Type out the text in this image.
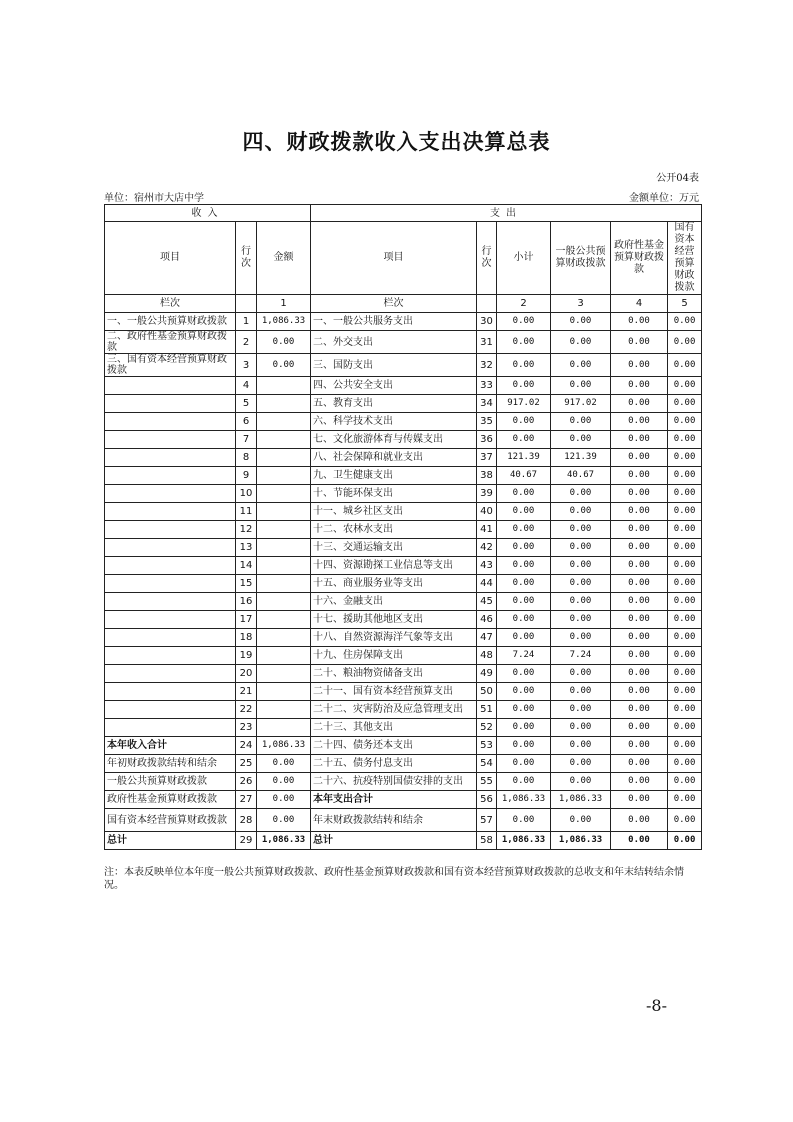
四、财政拨款收入支出决算总表
公开04表
单位：宿州市大店中学	金额单位：万元
收入			支出					
项目	行次	金额	项目	行次	小计	一般公共预算财政拨款	政府性基金预算财政拨款	国有资本经营预算财政拨款
栏次		1	栏次		2	3	4	5
一、一般公共预算财政拨款	1	1,086.33	一、一般公共服务支出	30	0.00	0.00	0.00	0.00
二、政府性基金预算财政拨款	2	0.00	二、外交支出	31	0.00	0.00	0.00	0.00
三、国有资本经营预算财政拨款	3	0.00	三、国防支出	32	0.00	0.00	0.00	0.00
	4		四、公共安全支出	33	0.00	0.00	0.00	0.00
	5		五、教育支出	34	917.02	917.02	0.00	0.00
	6		六、科学技术支出	35	0.00	0.00	0.00	0.00
	7		七、文化旅游体育与传媒支出	36	0.00	0.00	0.00	0.00
	8		八、社会保障和就业支出	37	121.39	121.39	0.00	0.00
	9		九、卫生健康支出	38	40.67	40.67	0.00	0.00
	10		十、节能环保支出	39	0.00	0.00	0.00	0.00
	11		十一、城乡社区支出	40	0.00	0.00	0.00	0.00
	12		十二、农林水支出	41	0.00	0.00	0.00	0.00
	13		十三、交通运输支出	42	0.00	0.00	0.00	0.00
	14		十四、资源勘探工业信息等支出	43	0.00	0.00	0.00	0.00
	15		十五、商业服务业等支出	44	0.00	0.00	0.00	0.00
	16		十六、金融支出	45	0.00	0.00	0.00	0.00
	17		十七、援助其他地区支出	46	0.00	0.00	0.00	0.00
	18		十八、自然资源海洋气象等支出	47	0.00	0.00	0.00	0.00
	19		十九、住房保障支出	48	7.24	7.24	0.00	0.00
	20		二十、粮油物资储备支出	49	0.00	0.00	0.00	0.00
	21		二十一、国有资本经营预算支出	50	0.00	0.00	0.00	0.00
	22		二十二、灾害防治及应急管理支出	51	0.00	0.00	0.00	0.00
	23		二十三、其他支出	52	0.00	0.00	0.00	0.00
本年收入合计	24	1,086.33	二十四、债务还本支出	53	0.00	0.00	0.00	0.00
年初财政拨款结转和结余	25	0.00	二十五、债务付息支出	54	0.00	0.00	0.00	0.00
一般公共预算财政拨款	26	0.00	二十六、抗疫特别国债安排的支出	55	0.00	0.00	0.00	0.00
政府性基金预算财政拨款	27	0.00	本年支出合计	56	1,086.33	1,086.33	0.00	0.00
国有资本经营预算财政拨款	28	0.00	年末财政拨款结转和结余	57	0.00	0.00	0.00	0.00
总计	29	1,086.33	总计	58	1,086.33	1,086.33	0.00	0.00
注：本表反映单位本年度一般公共预算财政拨款、政府性基金预算财政拨款和国有资本经营预算财政拨款的总收支和年末结转结余情况。
-8-
